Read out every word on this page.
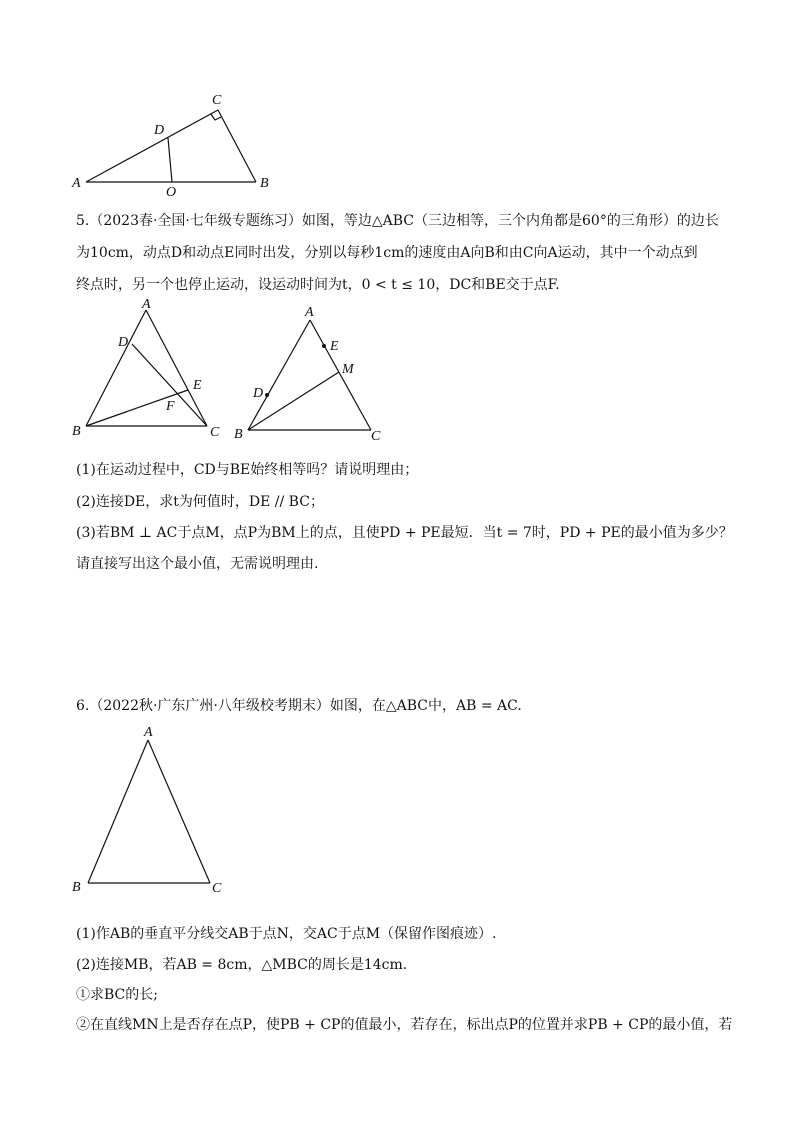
A	B
C
D
O
5.（2023春·全国·七年级专题练习）如图，等边△ABC（三边相等，三个内角都是60°的三角形）的边长
为10cm，动点D和动点E同时出发，分别以每秒1cm的速度由A向B和由C向A运动，其中一个动点到
终点时，另一个也停止运动，设运动时间为t，0 < t ≤ 10，DC和BE交于点F.
A
B	C
D
E
F
A
B	C
D
E
M
(1)在运动过程中，CD与BE始终相等吗？请说明理由；
(2)连接DE，求t为何值时，DE // BC；
(3)若BM ⊥ AC于点M，点P为BM上的点，且使PD + PE最短．当t = 7时，PD + PE的最小值为多少？
请直接写出这个最小值，无需说明理由.
6.（2022秋·广东广州·八年级校考期末）如图，在△ABC中，AB = AC.
A
B	C
(1)作AB的垂直平分线交AB于点N，交AC于点M（保留作图痕迹）.
(2)连接MB，若AB = 8cm，△MBC的周长是14cm.
①求BC的长;
②在直线MN上是否存在点P，使PB + CP的值最小，若存在，标出点P的位置并求PB + CP的最小值，若
